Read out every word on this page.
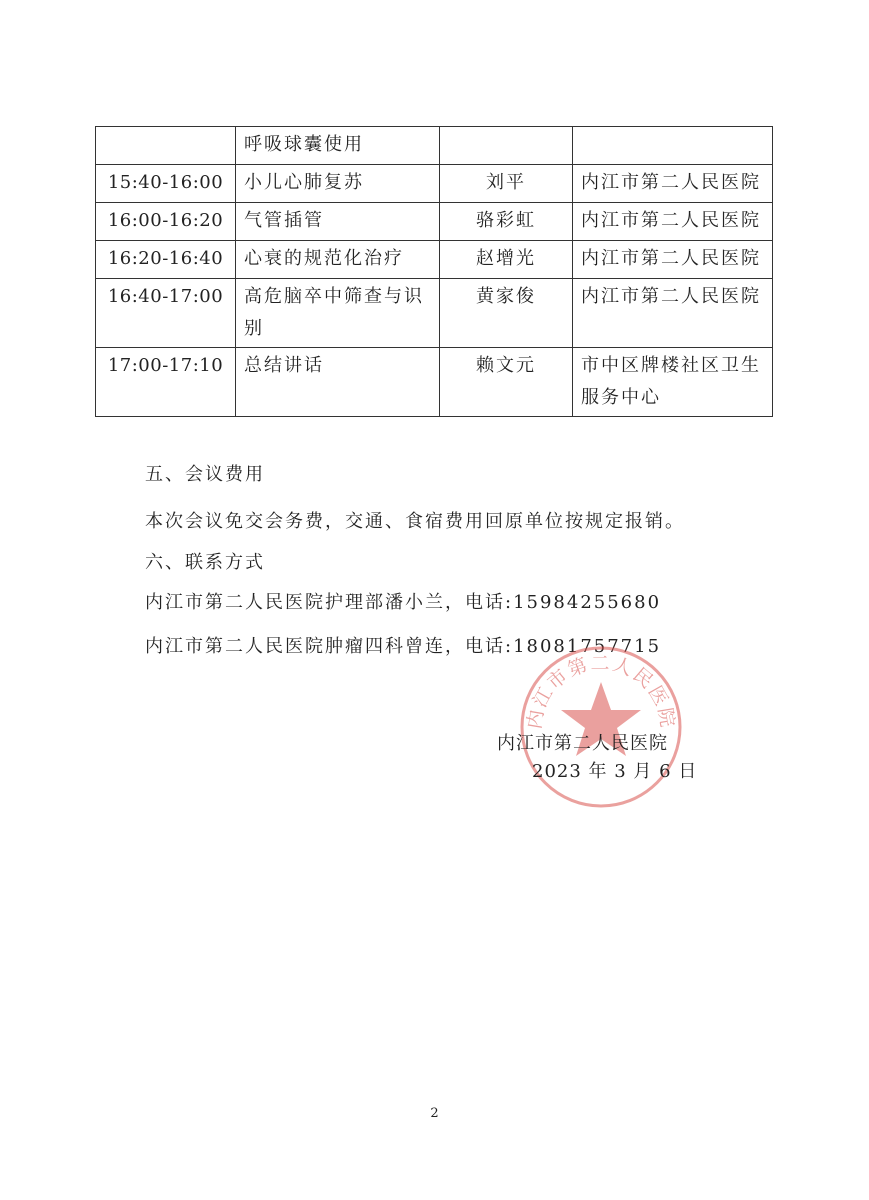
	呼吸球囊使用		
15:40-16:00	小儿心肺复苏	刘平	内江市第二人民医院
16:00-16:20	气管插管	骆彩虹	内江市第二人民医院
16:20-16:40	心衰的规范化治疗	赵增光	内江市第二人民医院
16:40-17:00	高危脑卒中筛查与识别	黄家俊	内江市第二人民医院
17:00-17:10	总结讲话	赖文元	市中区牌楼社区卫生服务中心
五、会议费用
本次会议免交会务费，交通、食宿费用回原单位按规定报销。
六、联系方式
内江市第二人民医院护理部潘小兰，电话:15984255680
内江市第二人民医院肿瘤四科曾连，电话:18081757715
内江市第二人民医院
内江市第二人民医院
2023 年 3 月 6 日
2
